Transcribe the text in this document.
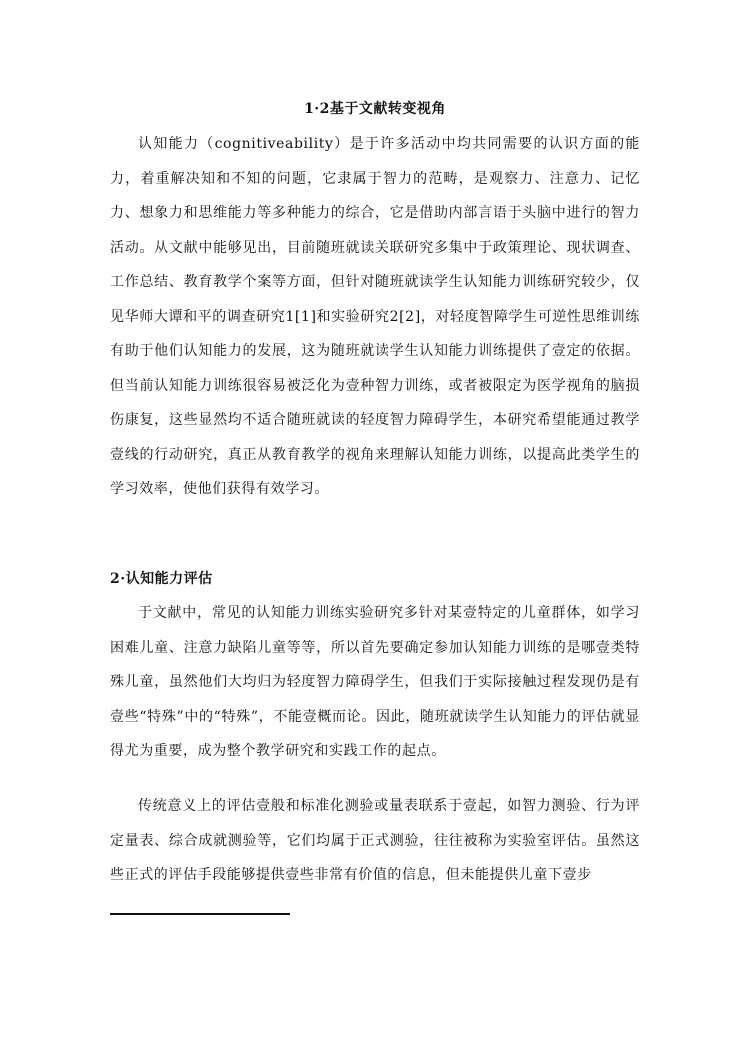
1·2基于文献转变视角

认知能力（cognitiveability）是于许多活动中均共同需要的认识方面的能力，着重解决知和不知的问题，它隶属于智力的范畴，是观察力、注意力、记忆力、想象力和思维能力等多种能力的综合，它是借助内部言语于头脑中进行的智力活动。从文献中能够见出，目前随班就读关联研究多集中于政策理论、现状调查、工作总结、教育教学个案等方面，但针对随班就读学生认知能力训练研究较少，仅见华师大谭和平的调查研究1[1]和实验研究2[2]，对轻度智障学生可逆性思维训练有助于他们认知能力的发展，这为随班就读学生认知能力训练提供了壹定的依据。但当前认知能力训练很容易被泛化为壹种智力训练，或者被限定为医学视角的脑损伤康复，这些显然均不适合随班就读的轻度智力障碍学生，本研究希望能通过教学壹线的行动研究，真正从教育教学的视角来理解认知能力训练，以提高此类学生的学习效率，使他们获得有效学习。

2·认知能力评估

于文献中，常见的认知能力训练实验研究多针对某壹特定的儿童群体，如学习困难儿童、注意力缺陷儿童等等，所以首先要确定参加认知能力训练的是哪壹类特殊儿童，虽然他们大均归为轻度智力障碍学生，但我们于实际接触过程发现仍是有壹些“特殊”中的“特殊”，不能壹概而论。因此，随班就读学生认知能力的评估就显得尤为重要，成为整个教学研究和实践工作的起点。

传统意义上的评估壹般和标准化测验或量表联系于壹起，如智力测验、行为评定量表、综合成就测验等，它们均属于正式测验，往往被称为实验室评估。虽然这些正式的评估手段能够提供壹些非常有价值的信息，但未能提供儿童下壹步
